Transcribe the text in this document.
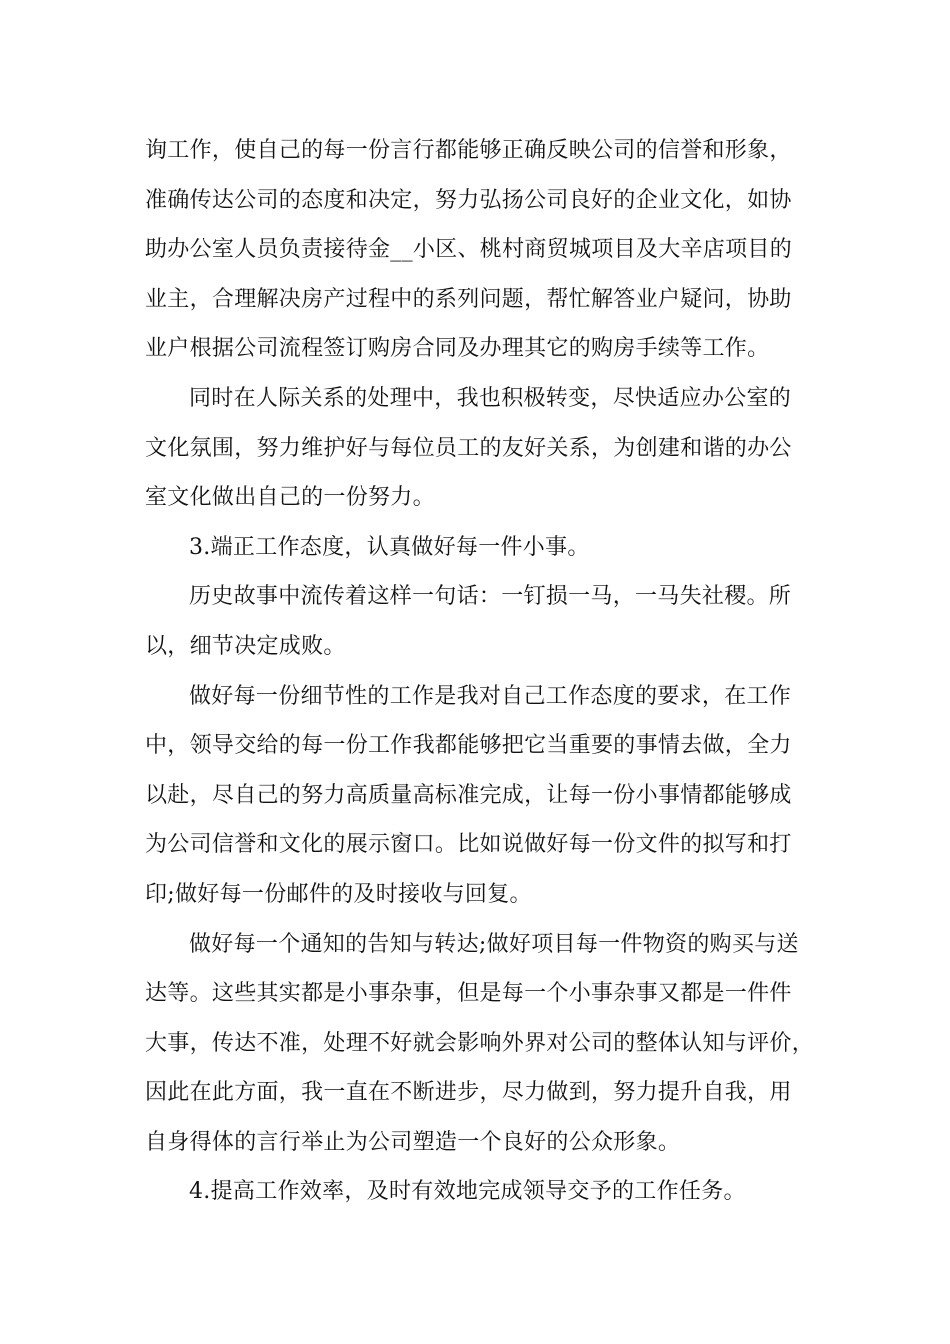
询工作，使自己的每一份言行都能够正确反映公司的信誉和形象，
准确传达公司的态度和决定，努力弘扬公司良好的企业文化，如协
助办公室人员负责接待金__小区、桃村商贸城项目及大辛店项目的
业主，合理解决房产过程中的系列问题，帮忙解答业户疑问，协助
业户根据公司流程签订购房合同及办理其它的购房手续等工作。
同时在人际关系的处理中，我也积极转变，尽快适应办公室的
文化氛围，努力维护好与每位员工的友好关系，为创建和谐的办公
室文化做出自己的一份努力。
3.端正工作态度，认真做好每一件小事。
历史故事中流传着这样一句话：一钉损一马，一马失社稷。所
以，细节决定成败。
做好每一份细节性的工作是我对自己工作态度的要求，在工作
中，领导交给的每一份工作我都能够把它当重要的事情去做，全力
以赴，尽自己的努力高质量高标准完成，让每一份小事情都能够成
为公司信誉和文化的展示窗口。比如说做好每一份文件的拟写和打
印;做好每一份邮件的及时接收与回复。
做好每一个通知的告知与转达;做好项目每一件物资的购买与送
达等。这些其实都是小事杂事，但是每一个小事杂事又都是一件件
大事，传达不准，处理不好就会影响外界对公司的整体认知与评价，
因此在此方面，我一直在不断进步，尽力做到，努力提升自我，用
自身得体的言行举止为公司塑造一个良好的公众形象。
4.提高工作效率，及时有效地完成领导交予的工作任务。
